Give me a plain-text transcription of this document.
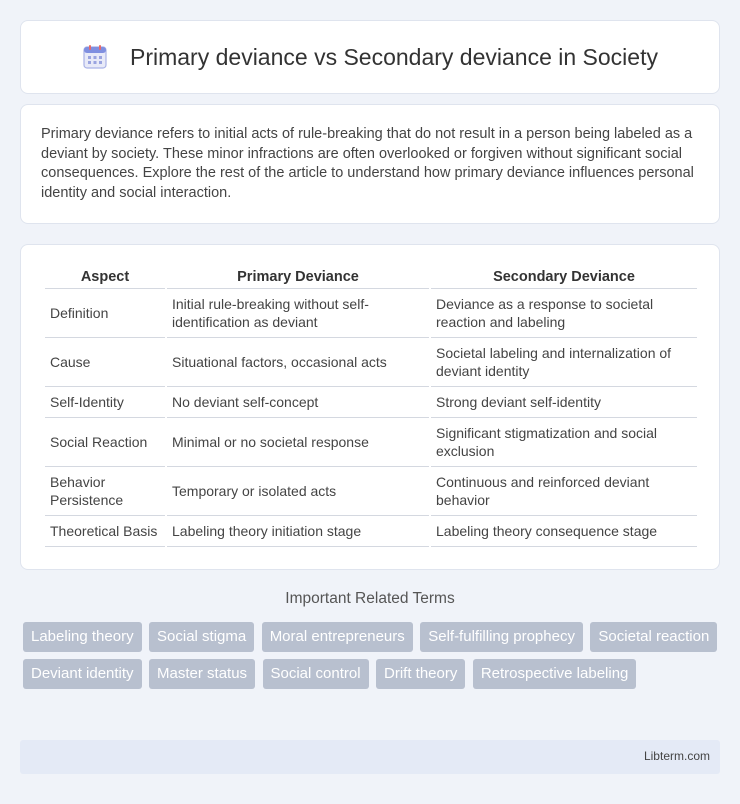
Primary deviance vs Secondary deviance in Society

Primary deviance refers to initial acts of rule-breaking that do not result in a person being labeled as a deviant by society. These minor infractions are often overlooked or forgiven without significant social consequences. Explore the rest of the article to understand how primary deviance influences personal identity and social interaction.

Aspect	Primary Deviance	Secondary Deviance
Definition	Initial rule-breaking without self-identification as deviant	Deviance as a response to societal reaction and labeling
Cause	Situational factors, occasional acts	Societal labeling and internalization of deviant identity
Self-Identity	No deviant self-concept	Strong deviant self-identity
Social Reaction	Minimal or no societal response	Significant stigmatization and social exclusion
Behavior Persistence	Temporary or isolated acts	Continuous and reinforced deviant behavior
Theoretical Basis	Labeling theory initiation stage	Labeling theory consequence stage
Important Related Terms
Labeling theory Social stigma Moral entrepreneurs Self-fulfilling prophecy Societal reaction Deviant identity Master status Social control Drift theory Retrospective labeling
Libterm.com
